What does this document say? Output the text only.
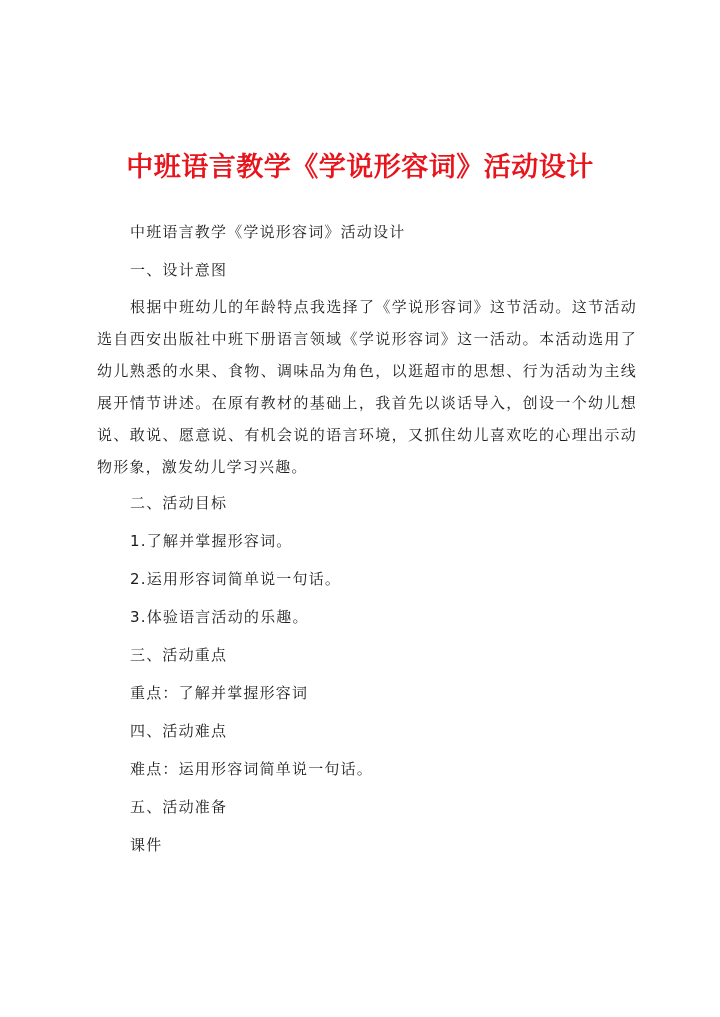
中班语言教学《学说形容词》活动设计

中班语言教学《学说形容词》活动设计

一、设计意图

根据中班幼儿的年龄特点我选择了《学说形容词》这节活动。这节活动选自西安出版社中班下册语言领域《学说形容词》这一活动。本活动选用了幼儿熟悉的水果、食物、调味品为角色，以逛超市的思想、行为活动为主线展开情节讲述。在原有教材的基础上，我首先以谈话导入，创设一个幼儿想说、敢说、愿意说、有机会说的语言环境，又抓住幼儿喜欢吃的心理出示动物形象，激发幼儿学习兴趣。

二、活动目标

1.了解并掌握形容词。

2.运用形容词简单说一句话。

3.体验语言活动的乐趣。

三、活动重点

重点：了解并掌握形容词

四、活动难点

难点：运用形容词简单说一句话。

五、活动准备

课件
